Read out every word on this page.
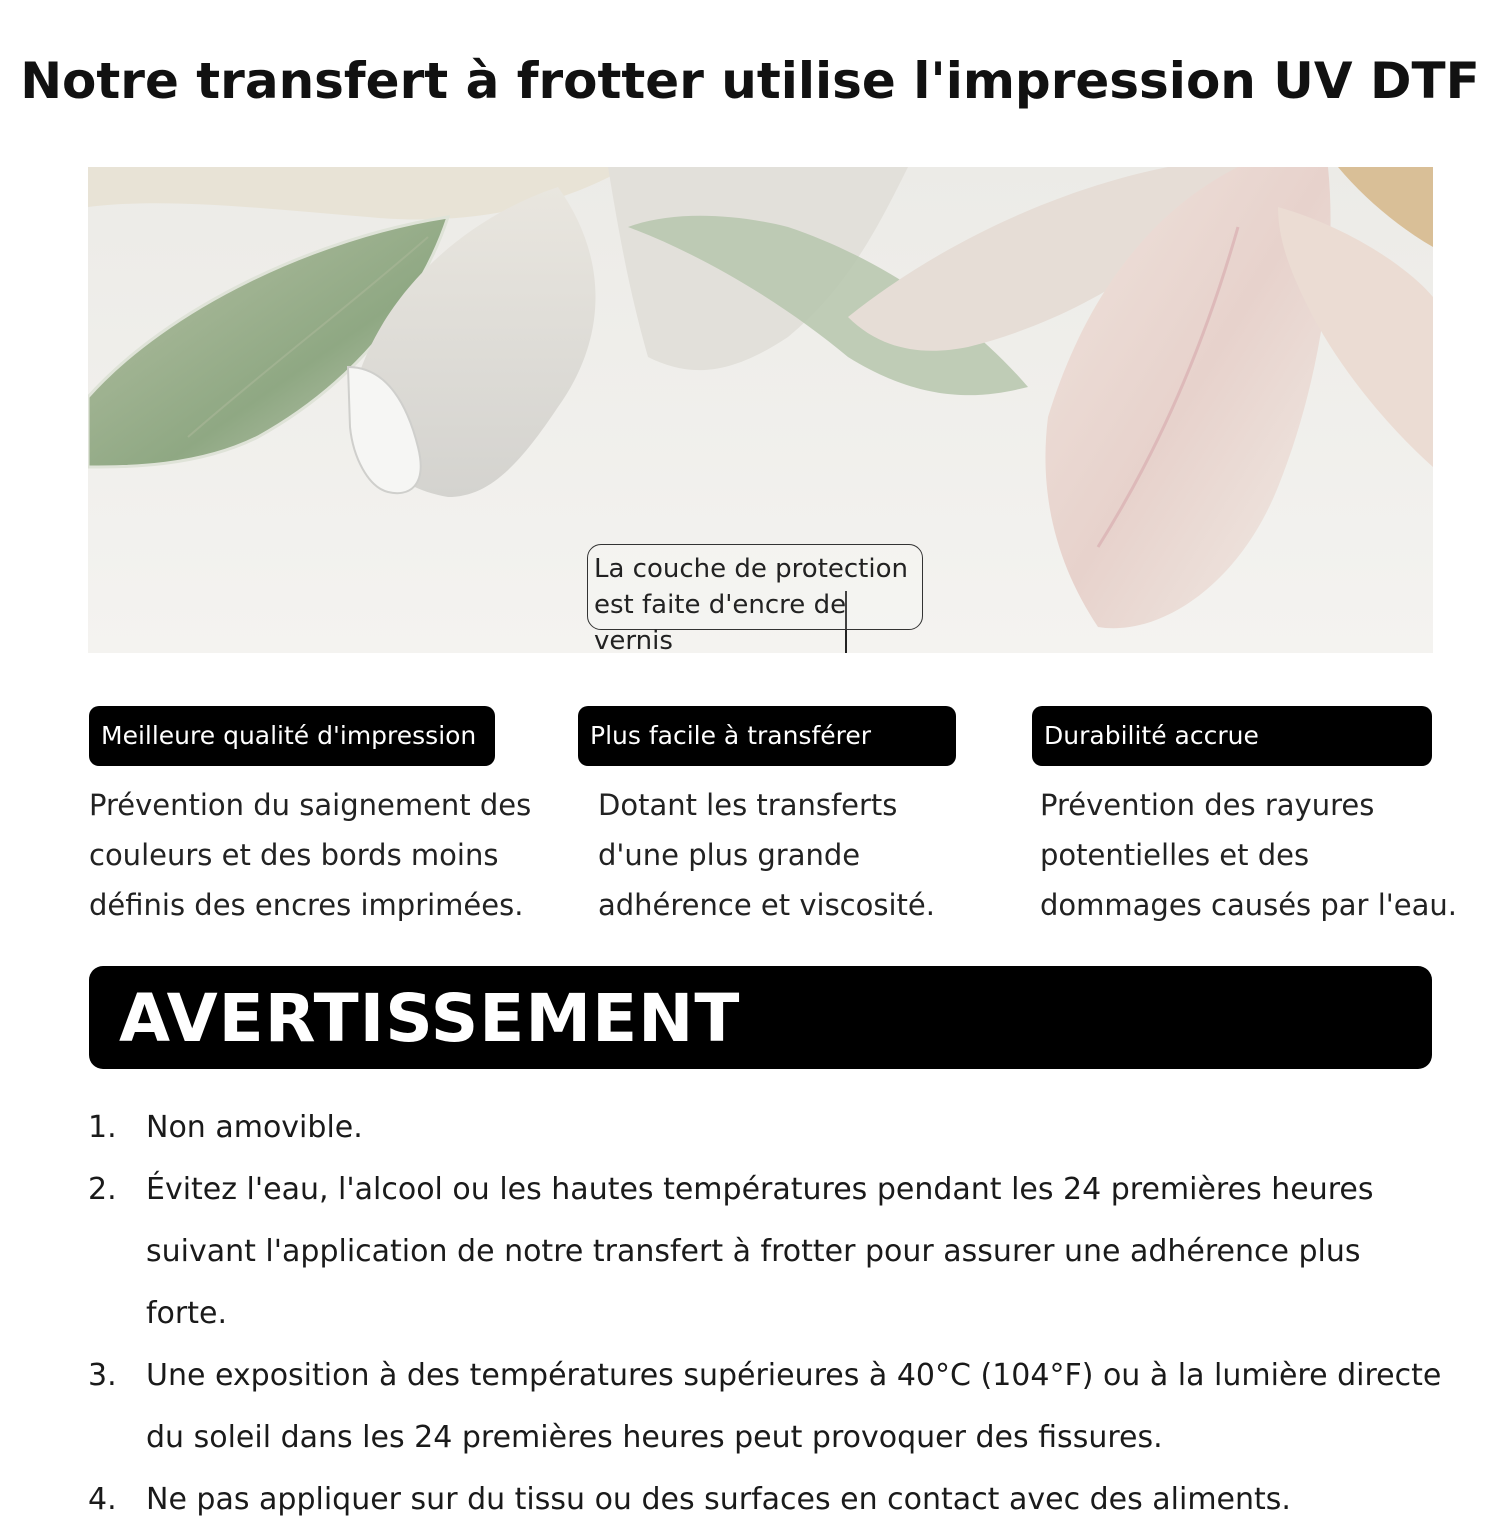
Notre transfert à frotter utilise l'impression UV DTF
La couche de protection
est faite d'encre de vernis
Meilleure qualité d'impression	Plus facile à transférer	Durabilité accrue
Prévention du saignement des
couleurs et des bords moins
définis des encres imprimées.
Dotant les transferts
d'une plus grande
adhérence et viscosité.
Prévention des rayures
potentielles et des
dommages causés par l'eau.
AVERTISSEMENT
1. Non amovible.
2. Évitez l'eau, l'alcool ou les hautes températures pendant les 24 premières heures suivant l'application de notre transfert à frotter pour assurer une adhérence plus forte.
3. Une exposition à des températures supérieures à 40°C (104°F) ou à la lumière directe du soleil dans les 24 premières heures peut provoquer des fissures.
4. Ne pas appliquer sur du tissu ou des surfaces en contact avec des aliments.
